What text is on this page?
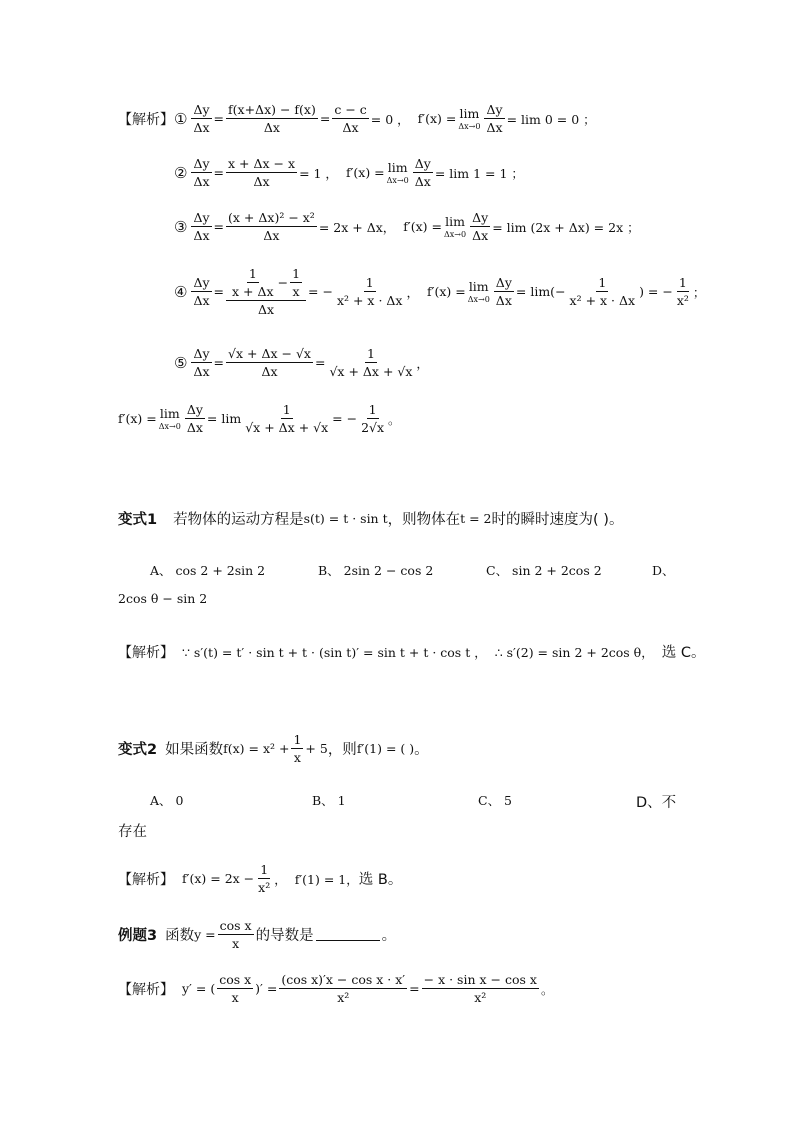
【解析】 ① $\frac{\Delta y}{\Delta x} = \frac{f(x+\Delta x) - f(x)}{\Delta x} = \frac{c - c}{\Delta x} = 0$ ， f′(x) = lim
$\Delta x\to 0 \frac{\Delta y}{\Delta x} = \lim 0 = 0$ ；
② $\frac{\Delta y}{\Delta x} = \frac{x + \Delta x - x}{\Delta x} = 1$ ， f′(x) = lim
$\Delta x\to 0 \frac{\Delta y}{\Delta x} = \lim 1 = 1$ ；
③ $\frac{\Delta y}{\Delta x} = \frac{\text{(x + Δx)² − x²}}{\Delta x} = 2x + \Delta x$， f′(x) = lim
$\Delta x\to 0 \frac{\Delta y}{\Delta x} = \lim (2x + \Delta x) = 2x$ ；
④ $\frac{\Delta y}{\Delta x} = \frac{\frac{1}{x + \Delta x} - \frac{1}{x}}{\Delta x}$ = − $\frac{1}{\text{x² + x · Δx}}$ ， f′(x) = lim
$\Delta x\to 0 \frac{\Delta y}{\Delta x} = \lim(- \frac{1}{\text{x² + x · Δx}}$ ) = − $\frac{1}{\text{x²}}$ ；
⑤ $\frac{\Delta y}{\Delta x} = \frac{√x + \Delta x - √x}{\Delta x} = \frac{1}{√x + \Delta x + √x}$ ，
f′(x) = lim
$\Delta x\to 0 \frac{\Delta y}{\Delta x} = \lim \frac{1}{√x + \Delta x + √x}$ = − $\frac{1}{2√x}$ 。
变式1 若物体的运动方程是 s(t) = t · sin t ，则物体在 t = 2 时的瞬时速度为( )。
A、 cos 2 + 2sin 2	B、 2sin 2 − cos 2	C、 sin 2 + 2cos 2	D、
2cos θ − sin 2
【解析】 ∵ s′(t) = t′ · sin t + t · (sin t)′ = sin t + t · cos t ， ∴ s′(2) = sin 2 + 2cos θ， 选 C。
变式2 如果函数 $f(x) = x^2 + \frac{1}{x} + 5$ ，则 f′(1) = ( ) 。
A、 0	B、 1	C、 5	D、不
存在
【解析】 $f'(x) = 2x - \frac{1}{\text{x²}}$ ， f′(1) = 1， 选 B。
例题3 函数 $y = \frac{\text{cos x}}{x}$ 的导数是	。
【解析】 y′ = ( $\frac{\text{cos x}}{x}$ )′ = $\frac{\text{(cos x)′x − cos x · x′}}{\text{x²}} = \frac{\text{− x · sin x − cos x}}{\text{x²}}$ 。
